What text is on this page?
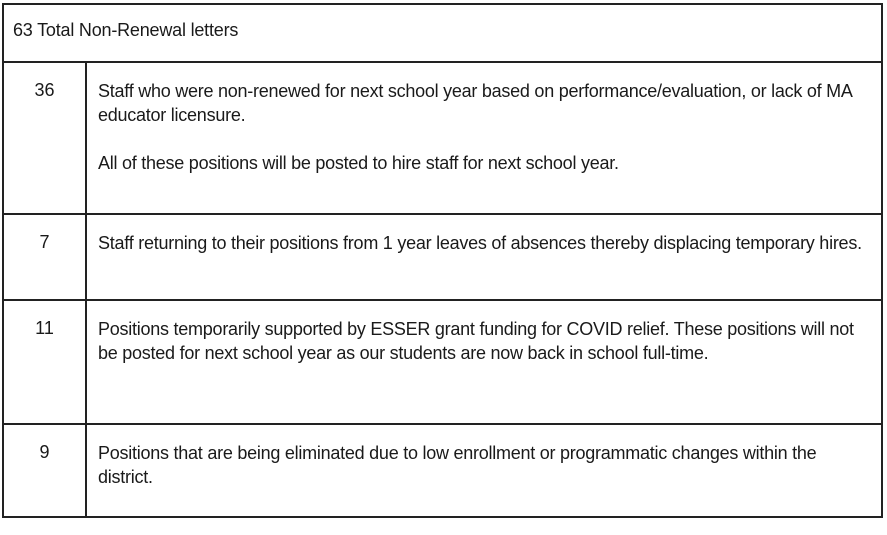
63 Total Non-Renewal letters
36	Staff who were non-renewed for next school year based on performance/evaluation, or lack of MA educator licensure.

All of these positions will be posted to hire staff for next school year.

7	Staff returning to their positions from 1 year leaves of absences thereby displacing temporary hires.

11	Positions temporarily supported by ESSER grant funding for COVID relief. These positions will not be posted for next school year as our students are now back in school full-time.

9	Positions that are being eliminated due to low enrollment or programmatic changes within the district.
